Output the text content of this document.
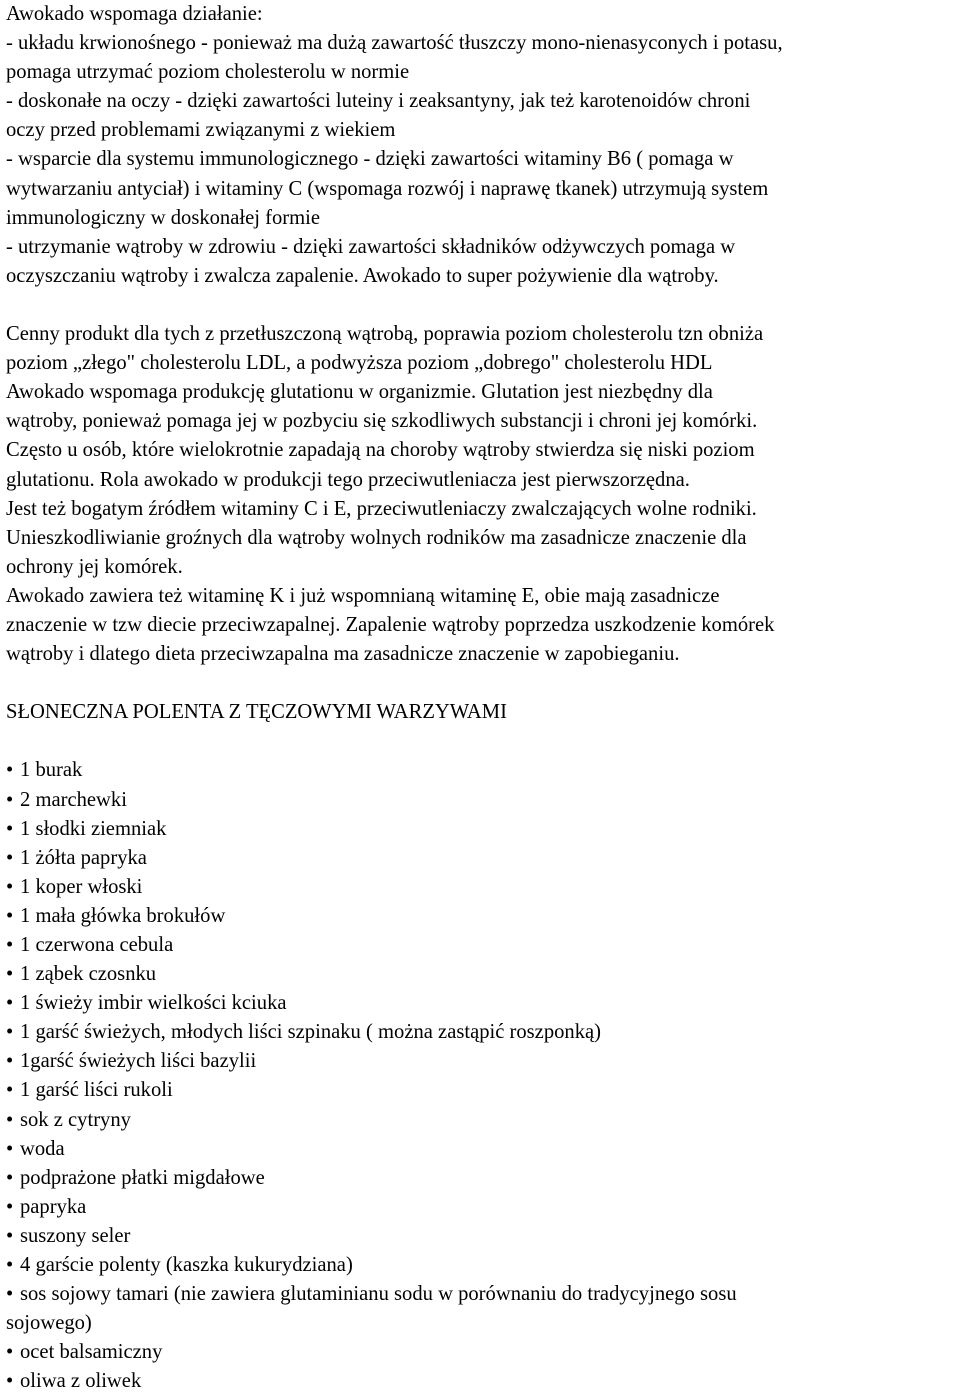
Awokado wspomaga działanie:
- układu krwionośnego - ponieważ ma dużą zawartość tłuszczy mono-nienasyconych i potasu,
pomaga utrzymać poziom cholesterolu w normie
- doskonałe na oczy - dzięki zawartości luteiny i zeaksantyny, jak też karotenoidów chroni
oczy przed problemami związanymi z wiekiem
- wsparcie dla systemu immunologicznego - dzięki zawartości witaminy B6 ( pomaga w
wytwarzaniu antyciał) i witaminy C (wspomaga rozwój i naprawę tkanek) utrzymują system
immunologiczny w doskonałej formie
- utrzymanie wątroby w zdrowiu - dzięki zawartości składników odżywczych pomaga w
oczyszczaniu wątroby i zwalcza zapalenie. Awokado to super pożywienie dla wątroby.
Cenny produkt dla tych z przetłuszczoną wątrobą, poprawia poziom cholesterolu tzn obniża
poziom „złego" cholesterolu LDL, a podwyższa poziom „dobrego" cholesterolu HDL
Awokado wspomaga produkcję glutationu w organizmie. Glutation jest niezbędny dla
wątroby, ponieważ pomaga jej w pozbyciu się szkodliwych substancji i chroni jej komórki.
Często u osób, które wielokrotnie zapadają na choroby wątroby stwierdza się niski poziom
glutationu. Rola awokado w produkcji tego przeciwutleniacza jest pierwszorzędna.
Jest też bogatym źródłem witaminy C i E, przeciwutleniaczy zwalczających wolne rodniki.
Unieszkodliwianie groźnych dla wątroby wolnych rodników ma zasadnicze znaczenie dla
ochrony jej komórek.
Awokado zawiera też witaminę K i już wspomnianą witaminę E, obie mają zasadnicze
znaczenie w tzw diecie przeciwzapalnej. Zapalenie wątroby poprzedza uszkodzenie komórek
wątroby i dlatego dieta przeciwzapalna ma zasadnicze znaczenie w zapobieganiu.
SŁONECZNA POLENTA Z TĘCZOWYMI WARZYWAMI
• 1 burak
• 2 marchewki
• 1 słodki ziemniak
• 1 żółta papryka
• 1 koper włoski
• 1 mała główka brokułów
• 1 czerwona cebula
• 1 ząbek czosnku
• 1 świeży imbir wielkości kciuka
• 1 garść świeżych, młodych liści szpinaku ( można zastąpić roszponką)
• 1garść świeżych liści bazylii
• 1 garść liści rukoli
• sok z cytryny
• woda
• podprażone płatki migdałowe
• papryka
• suszony seler
• 4 garście polenty (kaszka kukurydziana)
• sos sojowy tamari (nie zawiera glutaminianu sodu w porównaniu do tradycyjnego sosu
sojowego)
• ocet balsamiczny
• oliwa z oliwek
